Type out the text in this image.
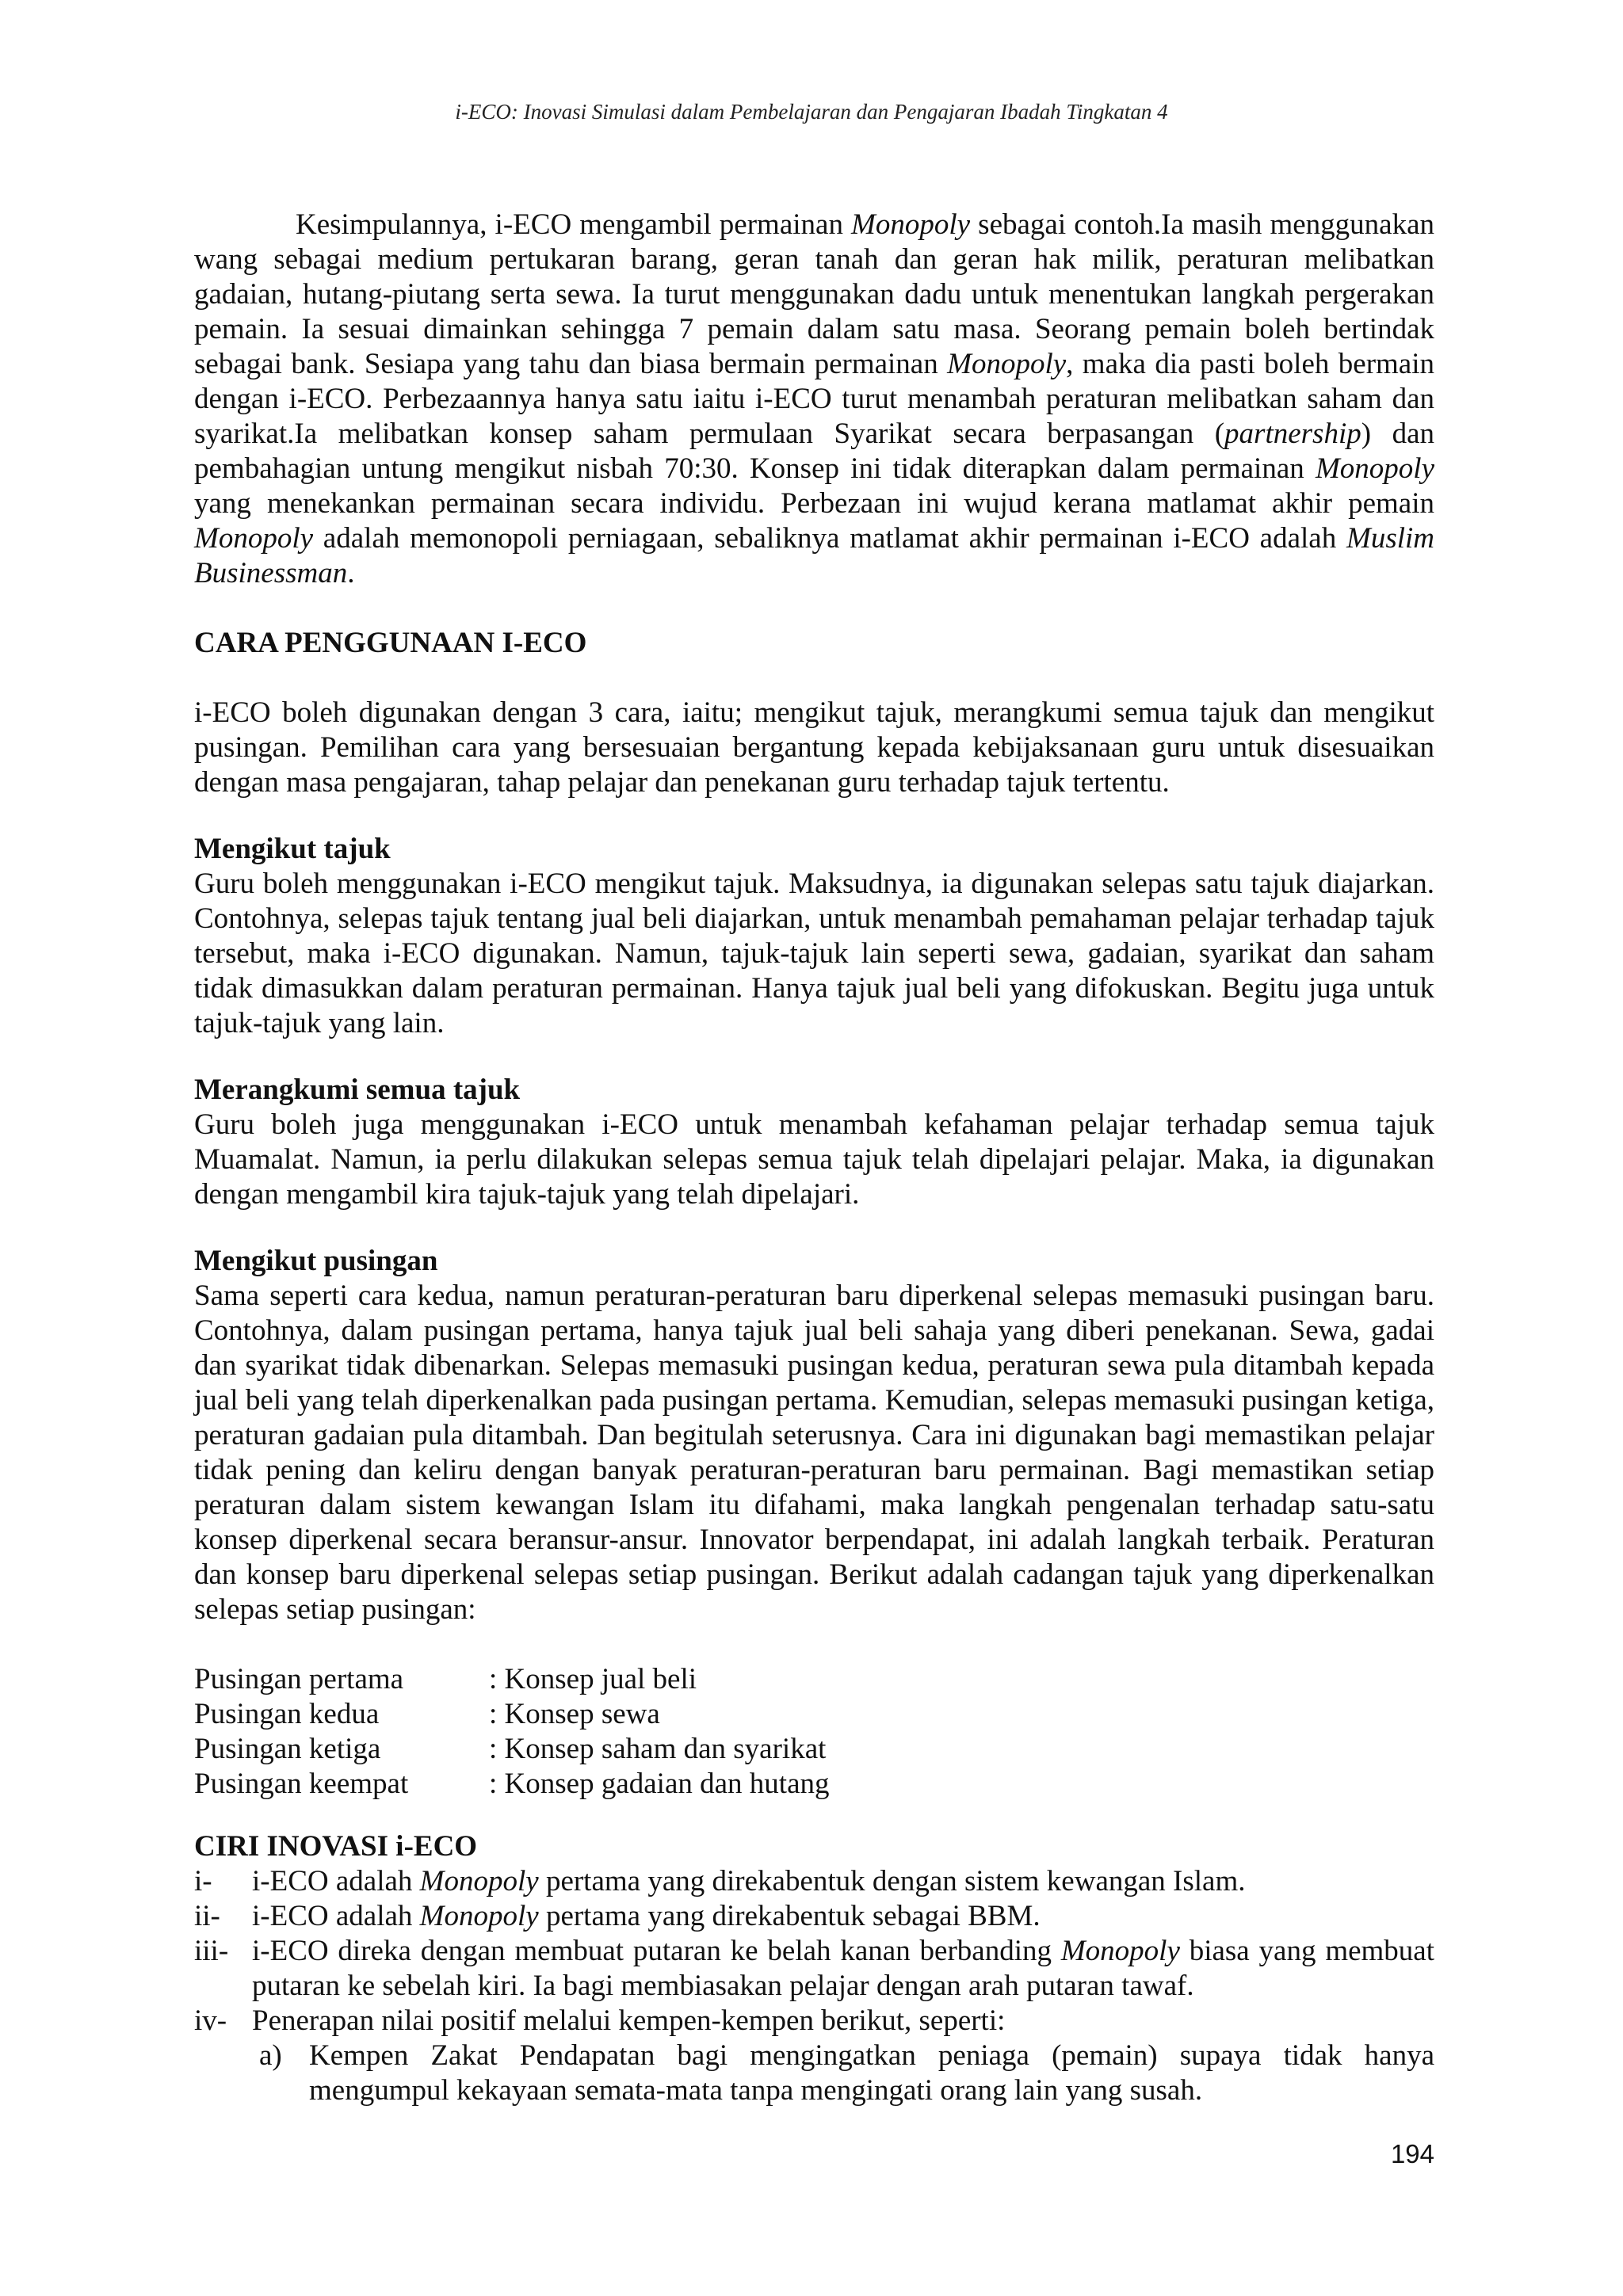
i-ECO: Inovasi Simulasi dalam Pembelajaran dan Pengajaran Ibadah Tingkatan 4

Kesimpulannya, i-ECO mengambil permainan Monopoly sebagai contoh.Ia masih menggunakan wang sebagai medium pertukaran barang, geran tanah dan geran hak milik, peraturan melibatkan gadaian, hutang-piutang serta sewa. Ia turut menggunakan dadu untuk menentukan langkah pergerakan pemain. Ia sesuai dimainkan sehingga 7 pemain dalam satu masa. Seorang pemain boleh bertindak sebagai bank. Sesiapa yang tahu dan biasa bermain permainan Monopoly, maka dia pasti boleh bermain dengan i-ECO. Perbezaannya hanya satu iaitu i-ECO turut menambah peraturan melibatkan saham dan syarikat.Ia melibatkan konsep saham permulaan Syarikat secara berpasangan (partnership) dan pembahagian untung mengikut nisbah 70:30. Konsep ini tidak diterapkan dalam permainan Monopoly yang menekankan permainan secara individu. Perbezaan ini wujud kerana matlamat akhir pemain Monopoly adalah memonopoli perniagaan, sebaliknya matlamat akhir permainan i-ECO adalah Muslim Businessman.

CARA PENGGUNAAN I-ECO

i-ECO boleh digunakan dengan 3 cara, iaitu; mengikut tajuk, merangkumi semua tajuk dan mengikut pusingan. Pemilihan cara yang bersesuaian bergantung kepada kebijaksanaan guru untuk disesuaikan dengan masa pengajaran, tahap pelajar dan penekanan guru terhadap tajuk tertentu.

Mengikut tajuk

Guru boleh menggunakan i-ECO mengikut tajuk. Maksudnya, ia digunakan selepas satu tajuk diajarkan. Contohnya, selepas tajuk tentang jual beli diajarkan, untuk menambah pemahaman pelajar terhadap tajuk tersebut, maka i-ECO digunakan. Namun, tajuk-tajuk lain seperti sewa, gadaian, syarikat dan saham tidak dimasukkan dalam peraturan permainan. Hanya tajuk jual beli yang difokuskan. Begitu juga untuk tajuk-tajuk yang lain.

Merangkumi semua tajuk

Guru boleh juga menggunakan i-ECO untuk menambah kefahaman pelajar terhadap semua tajuk Muamalat. Namun, ia perlu dilakukan selepas semua tajuk telah dipelajari pelajar. Maka, ia digunakan dengan mengambil kira tajuk-tajuk yang telah dipelajari.

Mengikut pusingan

Sama seperti cara kedua, namun peraturan-peraturan baru diperkenal selepas memasuki pusingan baru. Contohnya, dalam pusingan pertama, hanya tajuk jual beli sahaja yang diberi penekanan. Sewa, gadai dan syarikat tidak dibenarkan. Selepas memasuki pusingan kedua, peraturan sewa pula ditambah kepada jual beli yang telah diperkenalkan pada pusingan pertama. Kemudian, selepas memasuki pusingan ketiga, peraturan gadaian pula ditambah. Dan begitulah seterusnya. Cara ini digunakan bagi memastikan pelajar tidak pening dan keliru dengan banyak peraturan-peraturan baru permainan. Bagi memastikan setiap peraturan dalam sistem kewangan Islam itu difahami, maka langkah pengenalan terhadap satu-satu konsep diperkenal secara beransur-ansur. Innovator berpendapat, ini adalah langkah terbaik. Peraturan dan konsep baru diperkenal selepas setiap pusingan. Berikut adalah cadangan tajuk yang diperkenalkan selepas setiap pusingan:

Pusingan pertama	: Konsep jual beli
Pusingan kedua	: Konsep sewa
Pusingan ketiga	: Konsep saham dan syarikat
Pusingan keempat	: Konsep gadaian dan hutang
CIRI INOVASI i-ECO
i-	i-ECO adalah Monopoly pertama yang direkabentuk dengan sistem kewangan Islam.
ii-	i-ECO adalah Monopoly pertama yang direkabentuk sebagai BBM.
iii- i-ECO direka dengan membuat putaran ke belah kanan berbanding Monopoly biasa yang membuat putaran ke sebelah kiri. Ia bagi membiasakan pelajar dengan arah putaran tawaf.
iv- Penerapan nilai positif melalui kempen-kempen berikut, seperti:
a) Kempen Zakat Pendapatan bagi mengingatkan peniaga (pemain) supaya tidak hanya mengumpul kekayaan semata-mata tanpa mengingati orang lain yang susah.
194
